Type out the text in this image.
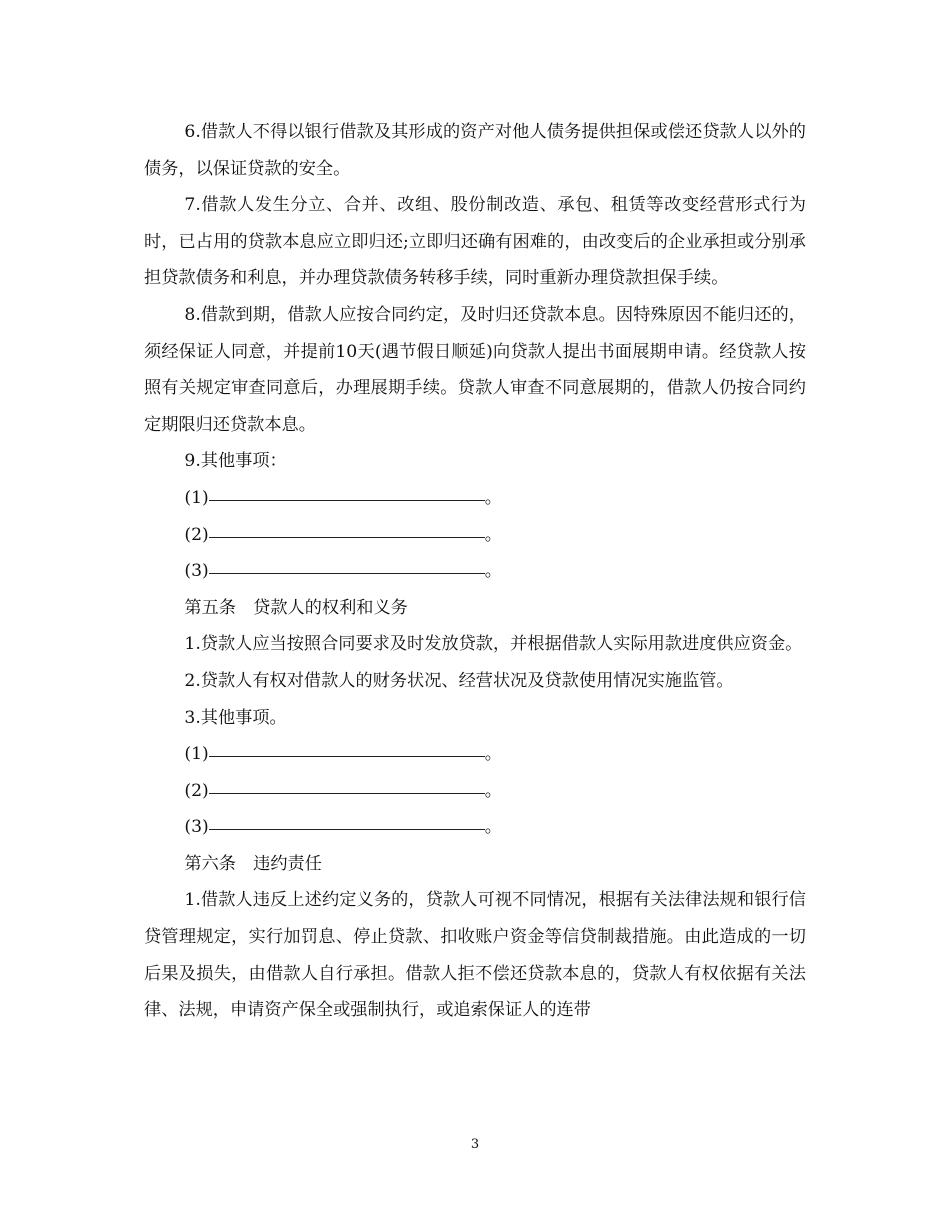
6.借款人不得以银行借款及其形成的资产对他人债务提供担保或偿还贷款人以外的债务，以保证贷款的安全。

7.借款人发生分立、合并、改组、股份制改造、承包、租赁等改变经营形式行为时，已占用的贷款本息应立即归还;立即归还确有困难的，由改变后的企业承担或分别承担贷款债务和利息，并办理贷款债务转移手续，同时重新办理贷款担保手续。

8.借款到期，借款人应按合同约定，及时归还贷款本息。因特殊原因不能归还的，须经保证人同意，并提前10天(遇节假日顺延)向贷款人提出书面展期申请。经贷款人按照有关规定审查同意后，办理展期手续。贷款人审查不同意展期的，借款人仍按合同约定期限归还贷款本息。

9.其他事项：

(1)	。

(2)	。

(3)	。

第五条　贷款人的权利和义务

1.贷款人应当按照合同要求及时发放贷款，并根据借款人实际用款进度供应资金。

2.贷款人有权对借款人的财务状况、经营状况及贷款使用情况实施监管。

3.其他事项。

(1)	。

(2)	。

(3)	。

第六条　违约责任

1.借款人违反上述约定义务的，贷款人可视不同情况，根据有关法律法规和银行信贷管理规定，实行加罚息、停止贷款、扣收账户资金等信贷制裁措施。由此造成的一切后果及损失，由借款人自行承担。借款人拒不偿还贷款本息的，贷款人有权依据有关法律、法规，申请资产保全或强制执行，或追索保证人的连带

3
